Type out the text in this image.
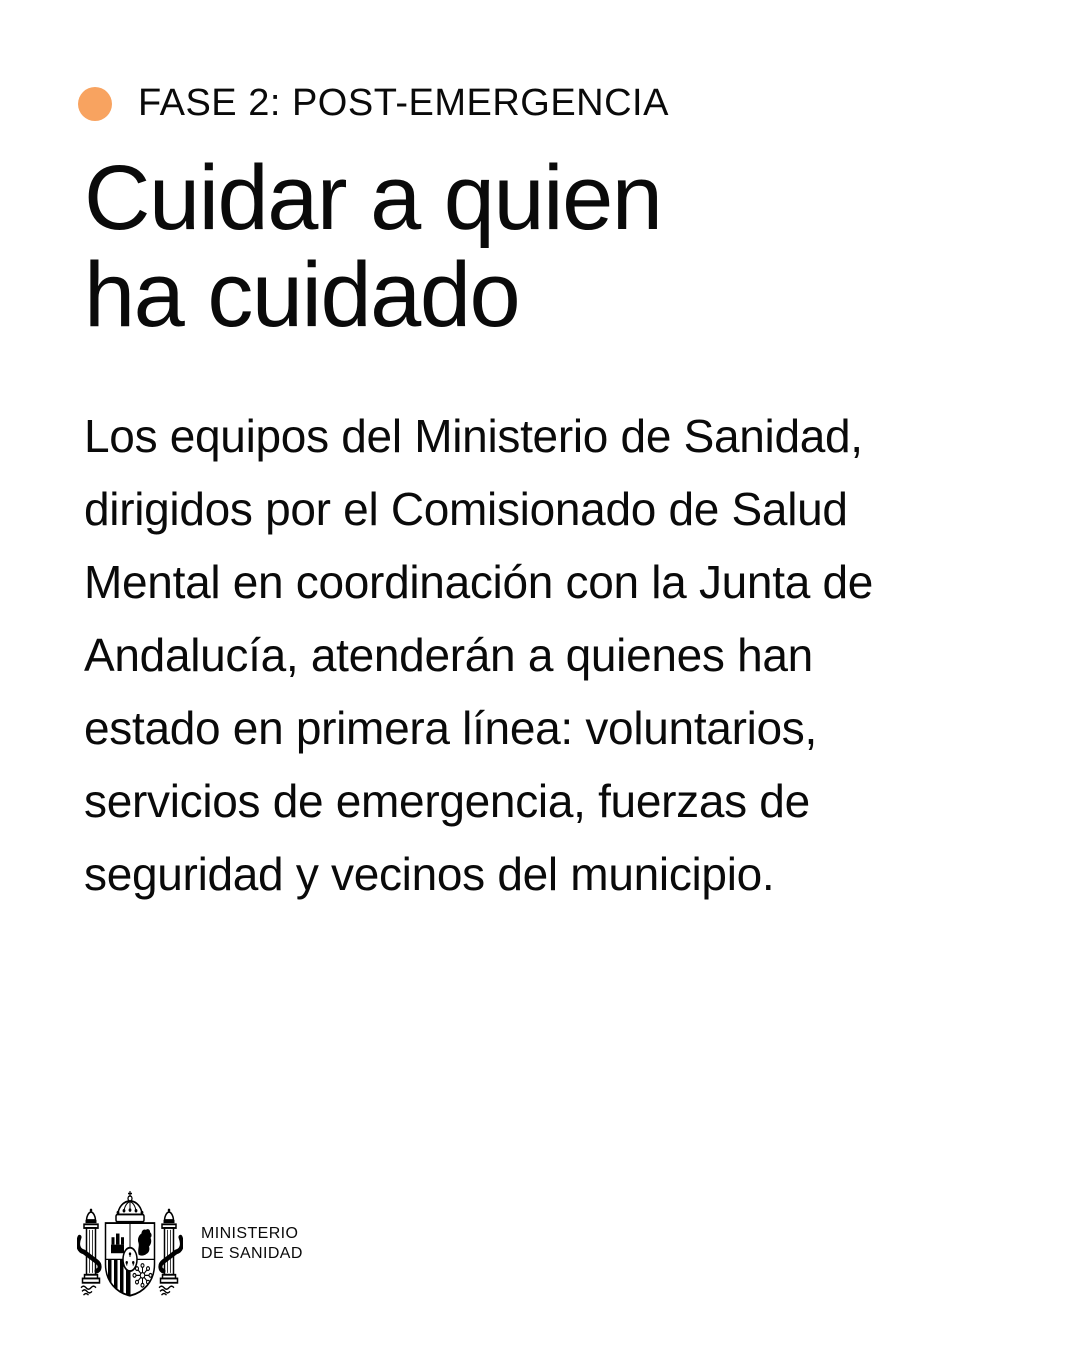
FASE 2: POST-EMERGENCIA
Cuidar a quien
ha cuidado

Los equipos del Ministerio de Sanidad,
dirigidos por el Comisionado de Salud
Mental en coordinación con la Junta de
Andalucía, atenderán a quienes han
estado en primera línea: voluntarios,
servicios de emergencia, fuerzas de
seguridad y vecinos del municipio.

MINISTERIO
DE SANIDAD
